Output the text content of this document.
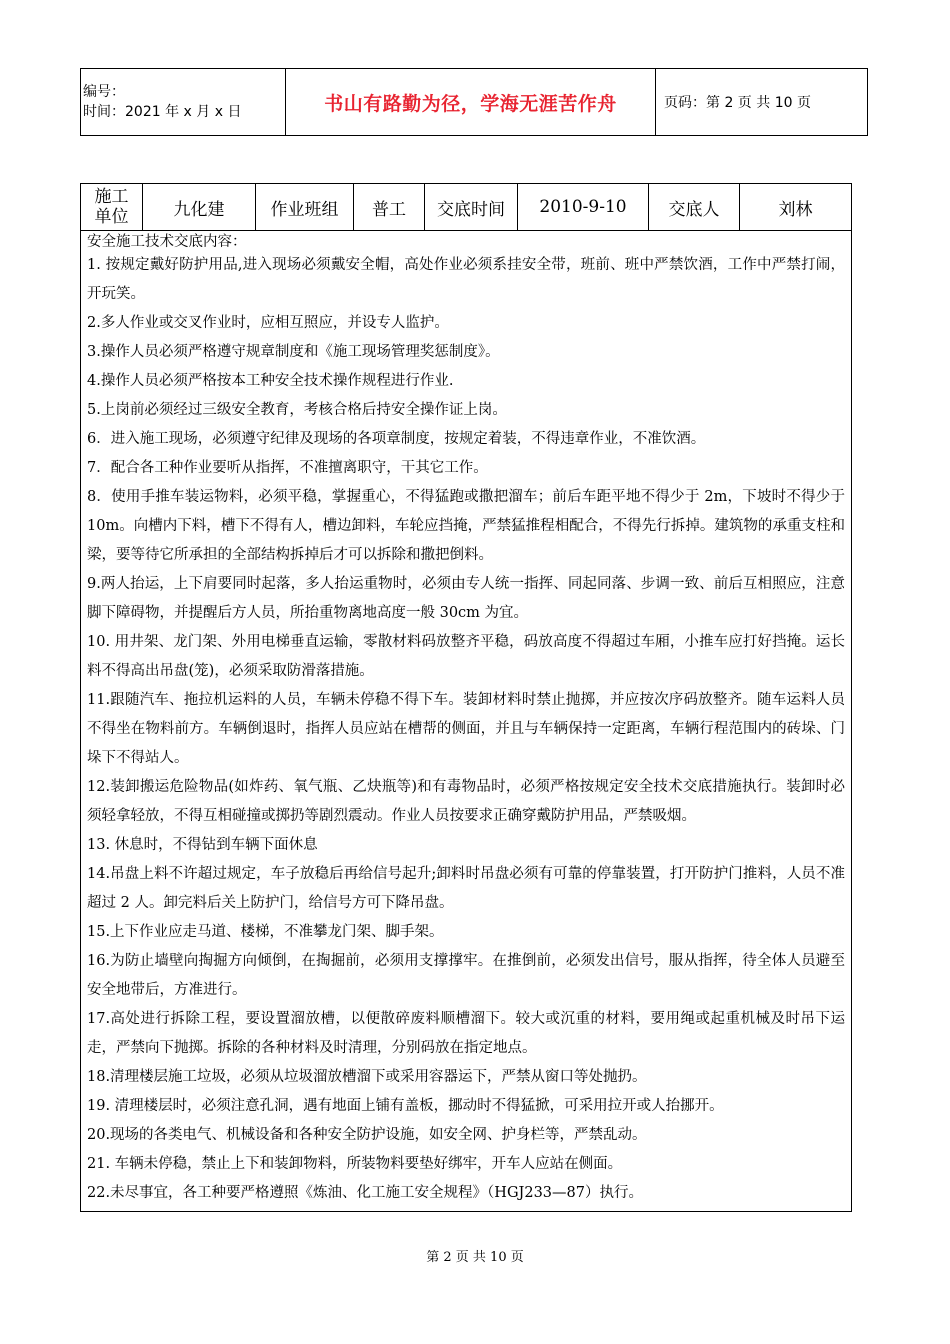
编号：
时间：2021 年 x 月 x 日	书山有路勤为径，学海无涯苦作舟	页码：第 2 页 共 10 页
施工单位	九化建	作业班组	普工	交底时间	2010-9-10	交底人	刘林

安全施工技术交底内容：

1. 按规定戴好防护用品,进入现场必须戴安全帽，高处作业必须系挂安全带，班前、班中严禁饮酒，工作中严禁打闹，开玩笑。

2.多人作业或交叉作业时，应相互照应，并设专人监护。

3.操作人员必须严格遵守规章制度和《施工现场管理奖惩制度》。

4.操作人员必须严格按本工种安全技术操作规程进行作业.

5.上岗前必须经过三级安全教育，考核合格后持安全操作证上岗。

6．进入施工现场，必须遵守纪律及现场的各项章制度，按规定着装，不得违章作业，不准饮酒。

7．配合各工种作业要听从指挥，不准擅离职守，干其它工作。

8．使用手推车装运物料，必须平稳，掌握重心，不得猛跑或撒把溜车；前后车距平地不得少于 2m，下坡时不得少于 10m。向槽内下料，槽下不得有人，槽边卸料，车轮应挡掩，严禁猛推程相配合，不得先行拆掉。建筑物的承重支柱和梁，要等待它所承担的全部结构拆掉后才可以拆除和撒把倒料。

9.两人抬运，上下肩要同时起落，多人抬运重物时，必须由专人统一指挥、同起同落、步调一致、前后互相照应，注意脚下障碍物，并提醒后方人员，所抬重物离地高度一般 30cm 为宜。

10. 用井架、龙门架、外用电梯垂直运输，零散材料码放整齐平稳，码放高度不得超过车厢，小推车应打好挡掩。运长料不得高出吊盘(笼)，必须采取防滑落措施。

11.跟随汽车、拖拉机运料的人员，车辆未停稳不得下车。装卸材料时禁止抛掷，并应按次序码放整齐。随车运料人员不得坐在物料前方。车辆倒退时，指挥人员应站在槽帮的侧面，并且与车辆保持一定距离，车辆行程范围内的砖垛、门垛下不得站人。

12.装卸搬运危险物品(如炸药、氧气瓶、乙炔瓶等)和有毒物品时，必须严格按规定安全技术交底措施执行。装卸时必须轻拿轻放，不得互相碰撞或掷扔等剧烈震动。作业人员按要求正确穿戴防护用品，严禁吸烟。

13. 休息时，不得钻到车辆下面休息

14.吊盘上料不许超过规定，车子放稳后再给信号起升;卸料时吊盘必须有可靠的停靠装置，打开防护门推料，人员不准超过 2 人。卸完料后关上防护门，给信号方可下降吊盘。

15.上下作业应走马道、楼梯，不准攀龙门架、脚手架。

16.为防止墙壁向掏掘方向倾倒，在掏掘前，必须用支撑撑牢。在推倒前，必须发出信号，服从指挥，待全体人员避至安全地带后，方准进行。

17.高处进行拆除工程，要设置溜放槽，以便散碎废料顺槽溜下。较大或沉重的材料，要用绳或起重机械及时吊下运走，严禁向下抛掷。拆除的各种材料及时清理，分别码放在指定地点。

18.清理楼层施工垃圾，必须从垃圾溜放槽溜下或采用容器运下，严禁从窗口等处抛扔。

19. 清理楼层时，必须注意孔洞，遇有地面上铺有盖板，挪动时不得猛掀，可采用拉开或人抬挪开。

20.现场的各类电气、机械设备和各种安全防护设施，如安全网、护身栏等，严禁乱动。

21. 车辆未停稳，禁止上下和装卸物料，所装物料要垫好绑牢，开车人应站在侧面。

22.未尽事宜，各工种要严格遵照《炼油、化工施工安全规程》（HGJ233—87）执行。

第 2 页 共 10 页
